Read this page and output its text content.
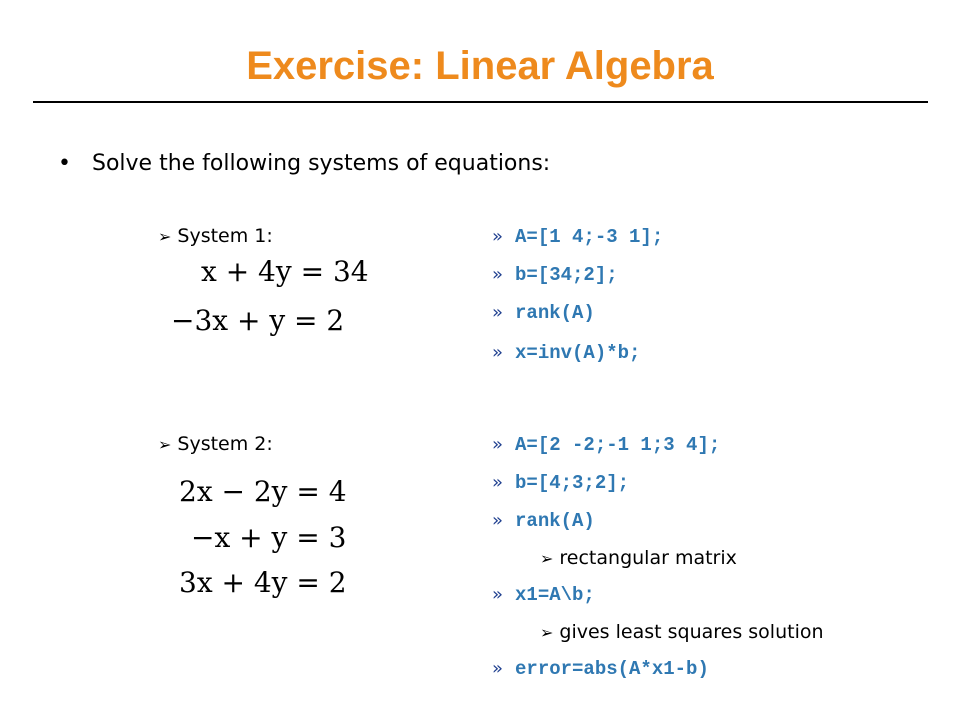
Exercise: Linear Algebra
• Solve the following systems of equations:
➢ System 1:
x + 4y = 34
−3x + y = 2
» A=[1 4;-3 1];
» b=[34;2];
» rank(A)
» x=inv(A)*b;
➢ System 2:
2x − 2y = 4
−x + y = 3
3x + 4y = 2
» A=[2 -2;-1 1;3 4];
» b=[4;3;2];
» rank(A)
➢ rectangular matrix
» x1=A\b;
➢ gives least squares solution
» error=abs(A*x1-b)
